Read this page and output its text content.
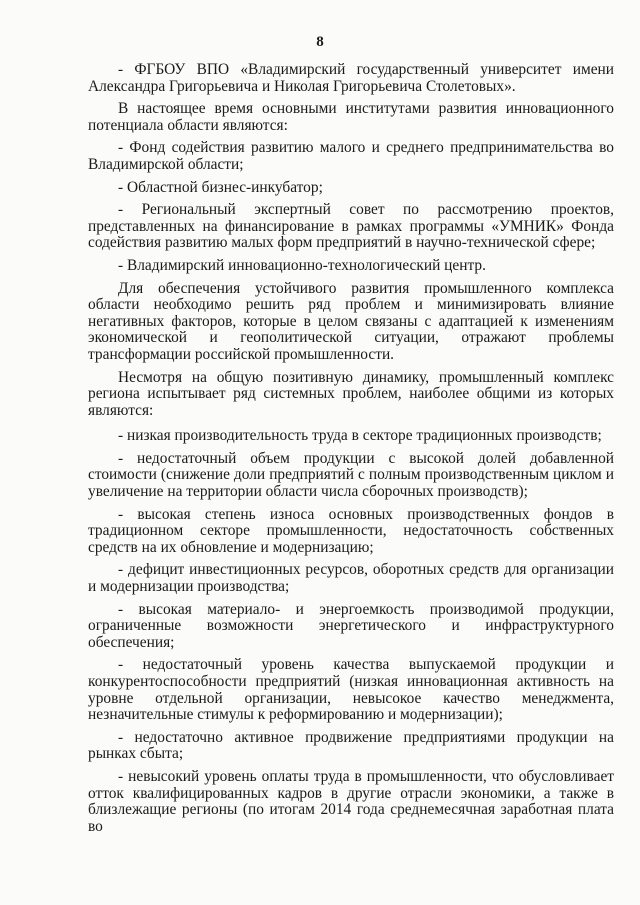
8

- ФГБОУ ВПО «Владимирский государственный университет имени Александра Григорьевича и Николая Григорьевича Столетовых».

В настоящее время основными институтами развития инновационного потенциала области являются:

- Фонд содействия развитию малого и среднего предпринимательства во Владимирской области;

- Областной бизнес-инкубатор;

- Региональный экспертный совет по рассмотрению проектов, представленных на финансирование в рамках программы «УМНИК» Фонда содействия развитию малых форм предприятий в научно-технической сфере;

- Владимирский инновационно-технологический центр.

Для обеспечения устойчивого развития промышленного комплекса области необходимо решить ряд проблем и минимизировать влияние негативных факторов, которые в целом связаны с адаптацией к изменениям экономической и геополитической ситуации, отражают проблемы трансформации российской промышленности.

Несмотря на общую позитивную динамику, промышленный комплекс региона испытывает ряд системных проблем, наиболее общими из которых являются:

- низкая производительность труда в секторе традиционных производств;

- недостаточный объем продукции с высокой долей добавленной стоимости (снижение доли предприятий с полным производственным циклом и увеличение на территории области числа сборочных производств);

- высокая степень износа основных производственных фондов в традиционном секторе промышленности, недостаточность собственных средств на их обновление и модернизацию;

- дефицит инвестиционных ресурсов, оборотных средств для организации и модернизации производства;

- высокая материало- и энергоемкость производимой продукции, ограниченные возможности энергетического и инфраструктурного обеспечения;

- недостаточный уровень качества выпускаемой продукции и конкурентоспособности предприятий (низкая инновационная активность на уровне отдельной организации, невысокое качество менеджмента, незначительные стимулы к реформированию и модернизации);

- недостаточно активное продвижение предприятиями продукции на рынках сбыта;

- невысокий уровень оплаты труда в промышленности, что обусловливает отток квалифицированных кадров в другие отрасли экономики, а также в близлежащие регионы (по итогам 2014 года среднемесячная заработная плата во
